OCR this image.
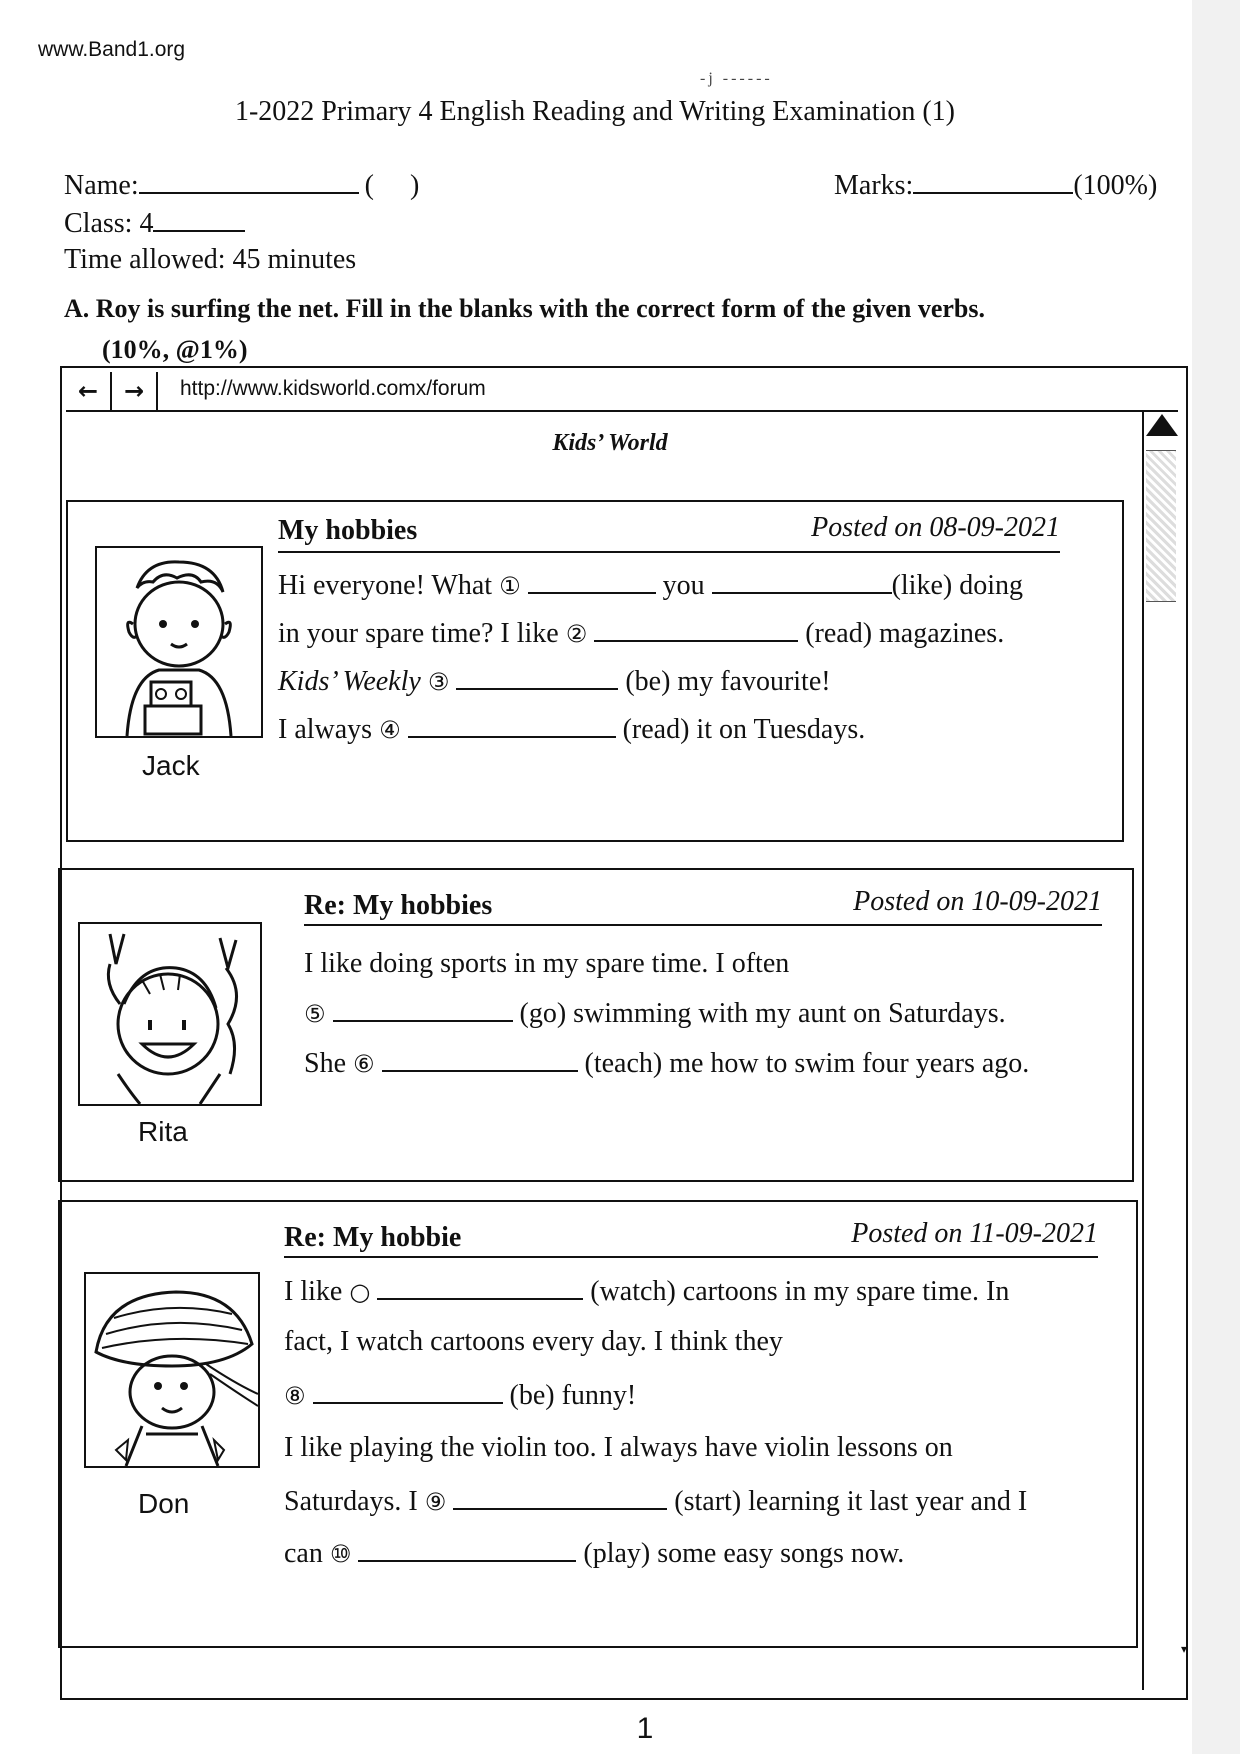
www.Band1.org
-j ------
1-2022 Primary 4 English Reading and Writing Examination (1)
Name:	( )	Marks:	(100%)
Class: 4
Time allowed: 45 minutes
A. Roy is surfing the net. Fill in the blanks with the correct form of the given verbs.
(10%, @1%)
←	→	http://www.kidsworld.comx/forum
Kids’ World
▾
Jack
My hobbies	Posted on 08-09-2021
Hi everyone! What ①	you	(like) doing
in your spare time? I like ②	(read) magazines.
Kids’ Weekly ③	(be) my favourite!
I always ④	(read) it on Tuesdays.
Rita
Re: My hobbies	Posted on 10-09-2021
I like doing sports in my spare time. I often
⑤	(go) swimming with my aunt on Saturdays.
She ⑥	(teach) me how to swim four years ago.
Don
Re: My hobbie	Posted on 11-09-2021
I like ○	(watch) cartoons in my spare time. In
fact, I watch cartoons every day. I think they
⑧	(be) funny!
I like playing the violin too. I always have violin lessons on
Saturdays. I ⑨	(start) learning it last year and I
can ⑩	(play) some easy songs now.
1
